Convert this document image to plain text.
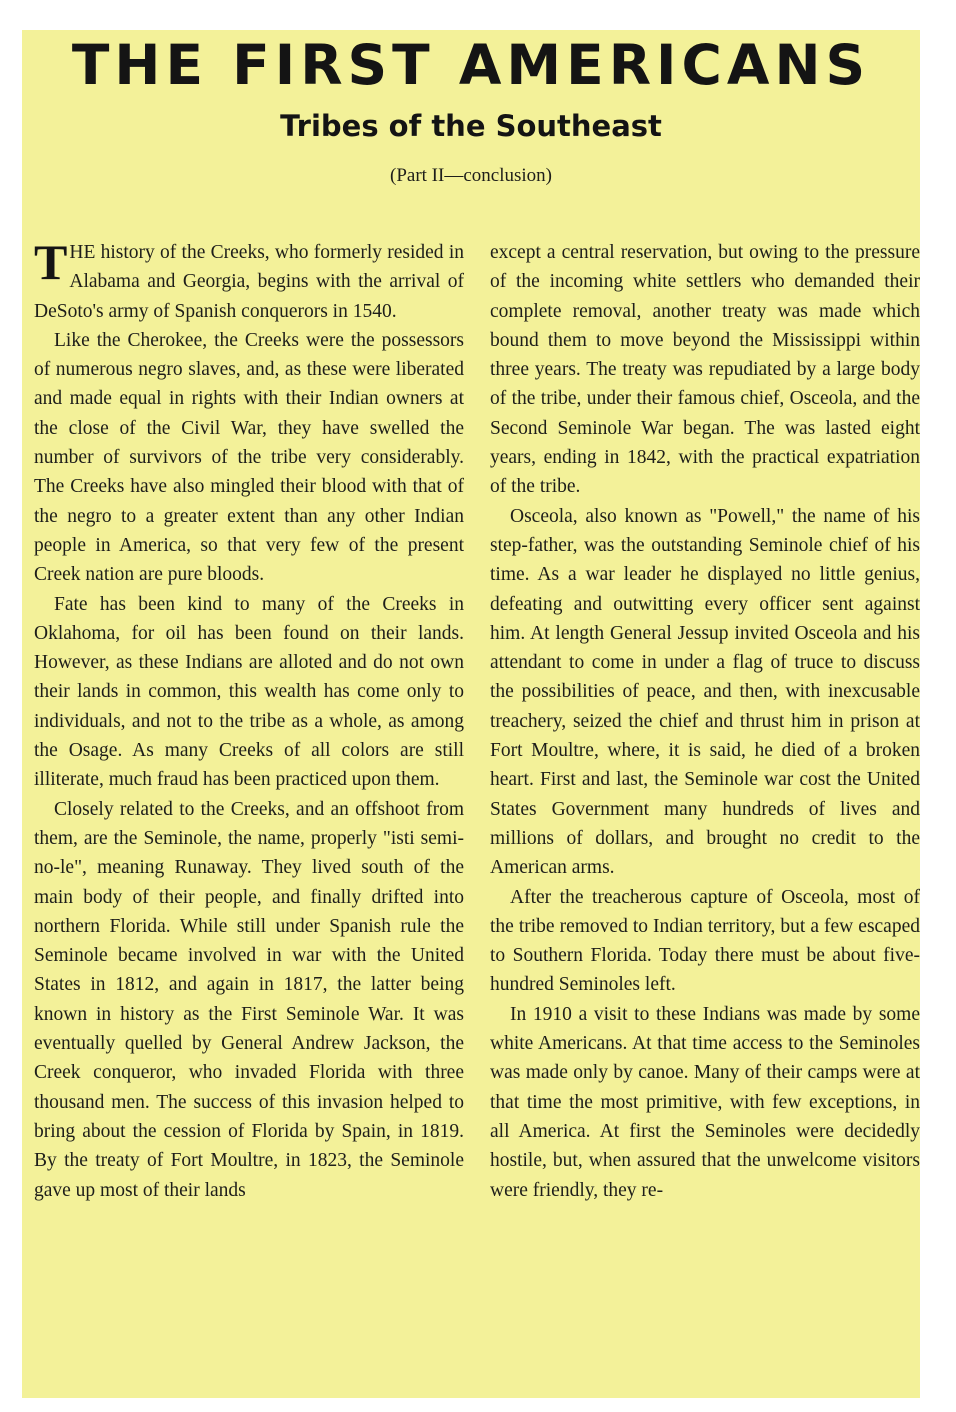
THE FIRST AMERICANS
Tribes of the Southeast
(Part II—conclusion)

THE history of the Creeks, who formerly resided in Alabama and Georgia, begins with the arrival of DeSoto's army of Spanish conquerors in 1540.

Like the Cherokee, the Creeks were the possessors of numerous negro slaves, and, as these were liberated and made equal in rights with their Indian owners at the close of the Civil War, they have swelled the number of survivors of the tribe very considerably. The Creeks have also mingled their blood with that of the negro to a greater extent than any other Indian people in America, so that very few of the present Creek nation are pure bloods.

Fate has been kind to many of the Creeks in Oklahoma, for oil has been found on their lands. However, as these Indians are alloted and do not own their lands in common, this wealth has come only to individuals, and not to the tribe as a whole, as among the Osage. As many Creeks of all colors are still illiterate, much fraud has been practiced upon them.

Closely related to the Creeks, and an offshoot from them, are the Seminole, the name, properly "isti semi-no-le", meaning Runaway. They lived south of the main body of their people, and finally drifted into northern Florida. While still under Spanish rule the Seminole became involved in war with the United States in 1812, and again in 1817, the latter being known in history as the First Seminole War. It was eventually quelled by General Andrew Jackson, the Creek conqueror, who invaded Florida with three thousand men. The success of this invasion helped to bring about the cession of Florida by Spain, in 1819. By the treaty of Fort Moultre, in 1823, the Seminole gave up most of their lands

except a central reservation, but owing to the pressure of the incoming white settlers who demanded their complete removal, another treaty was made which bound them to move beyond the Mississippi within three years. The treaty was repudiated by a large body of the tribe, under their famous chief, Osceola, and the Second Seminole War began. The was lasted eight years, ending in 1842, with the practical expatriation of the tribe.

Osceola, also known as "Powell," the name of his step-father, was the outstanding Seminole chief of his time. As a war leader he displayed no little genius, defeating and outwitting every officer sent against him. At length General Jessup invited Osceola and his attendant to come in under a flag of truce to discuss the possibilities of peace, and then, with inexcusable treachery, seized the chief and thrust him in prison at Fort Moultre, where, it is said, he died of a broken heart. First and last, the Seminole war cost the United States Government many hundreds of lives and millions of dollars, and brought no credit to the American arms.

After the treacherous capture of Osceola, most of the tribe removed to Indian territory, but a few escaped to Southern Florida. Today there must be about five-hundred Seminoles left.

In 1910 a visit to these Indians was made by some white Americans. At that time access to the Seminoles was made only by canoe. Many of their camps were at that time the most primitive, with few exceptions, in all America. At first the Seminoles were decidedly hostile, but, when assured that the unwelcome visitors were friendly, they re-
